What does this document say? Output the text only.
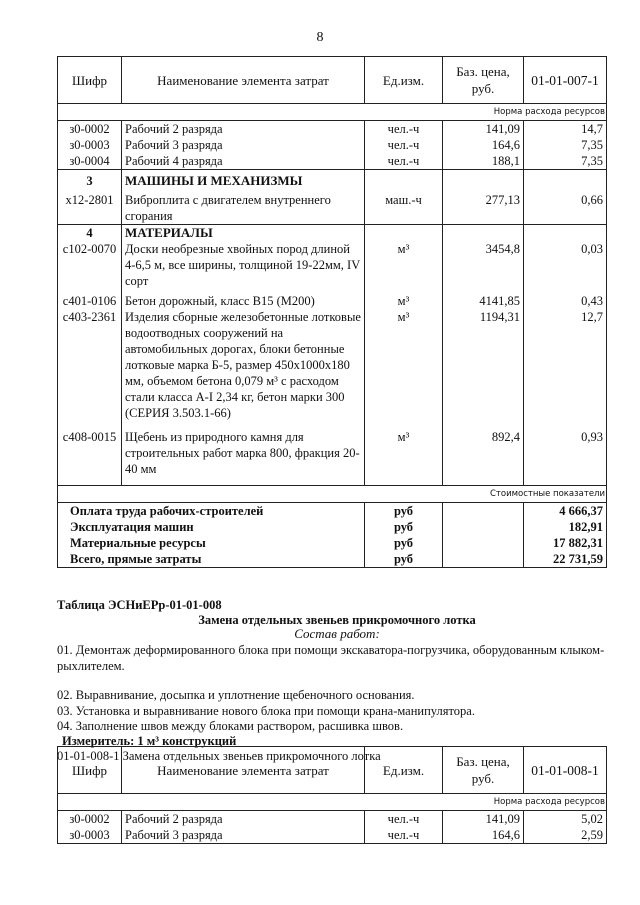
8
Шифр	Наименование элемента затрат	Ед.изм.	Баз. цена, руб.	01-01-007-1
Норма расхода ресурсов				
з0-0002	Рабочий 2 разряда	чел.-ч	141,09	14,7
з0-0003	Рабочий 3 разряда	чел.-ч	164,6	7,35
з0-0004	Рабочий 4 разряда	чел.-ч	188,1	7,35
3	МАШИНЫ И МЕХАНИЗМЫ			
х12-2801	Виброплита с двигателем внутреннего сгорания	маш.-ч	277,13	0,66
4	МАТЕРИАЛЫ			
с102-0070	Доски необрезные хвойных пород длиной 4-6,5 м, все ширины, толщиной 19-22мм, IV сорт	м³	3454,8	0,03
с401-0106	Бетон дорожный, класс B15 (M200)	м³	4141,85	0,43
с403-2361	Изделия сборные железобетонные лотковые водоотводных сооружений на автомобильных дорогах, блоки бетонные лотковые марка Б-5, размер 450х1000х180 мм, объемом бетона 0,079 м³ с расходом стали класса А-I 2,34 кг, бетон марки 300 (СЕРИЯ 3.503.1-66)	м³	1194,31	12,7
с408-0015	Щебень из природного камня для строительных работ марка 800, фракция 20-40 мм	м³	892,4	0,93

Стоимостные показатели				
Оплата труда рабочих-строителей		руб		4 666,37
Эксплуатация машин		руб		182,91
Материальные ресурсы		руб		17 882,31
Всего, прямые затраты		руб		22 731,59
Таблица ЭСНиЕРр-01-01-008
Замена отдельных звеньев прикромочного лотка
Состав работ:
01. Демонтаж деформированного блока при помощи экскаватора-погрузчика, оборудованным клыком-рыхлителем.
02. Выравнивание, досыпка и уплотнение щебеночного основания.
03. Установка и выравнивание нового блока при помощи крана-манипулятора.
04. Заполнение швов между блоками раствором, расшивка швов.
Измеритель: 1 м³ конструкций
01-01-008-1 Замена отдельных звеньев прикромочного лотка
Шифр	Наименование элемента затрат	Ед.изм.	Баз. цена, руб.	01-01-008-1
Норма расхода ресурсов				
з0-0002	Рабочий 2 разряда	чел.-ч	141,09	5,02
з0-0003	Рабочий 3 разряда	чел.-ч	164,6	2,59
